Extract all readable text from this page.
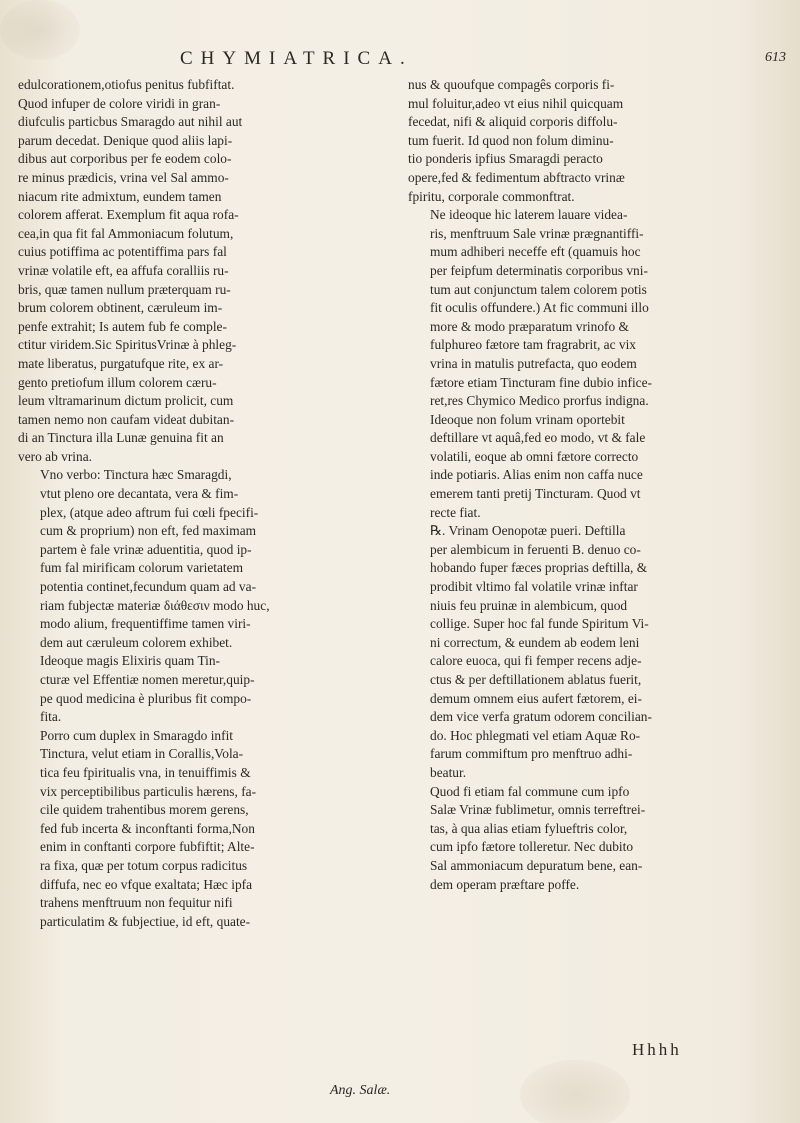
CHYMIATRICA.	613

edulcorationem,otiofus penitus fubfiftat.
Quod infuper de colore viridi in gran-
diufculis particbus Smaragdo aut nihil aut
parum decedat. Denique quod aliis lapi-
dibus aut corporibus per fe eodem colo-
re minus prædicis, vrina vel Sal ammo-
niacum rite admixtum, eundem tamen
colorem afferat. Exemplum fit aqua rofa-
cea,in qua fit fal Ammoniacum folutum,
cuius potiffima ac potentiffima pars fal
vrinæ volatile eft, ea affufa coralliis ru-
bris, quæ tamen nullum præterquam ru-
brum colorem obtinent, cæruleum im-
penfe extrahit; Is autem fub fe comple-
ctitur viridem.Sic SpiritusVrinæ à phleg-
mate liberatus, purgatufque rite, ex ar-
gento pretiofum illum colorem cæru-
leum vltramarinum dictum prolicit, cum
tamen nemo non caufam videat dubitan-
di an Tinctura illa Lunæ genuina fit an
vero ab vrina.

Vno verbo: Tinctura hæc Smaragdi,
vtut pleno ore decantata, vera & fim-
plex, (atque adeo aftrum fui cœli fpecifi-
cum & proprium) non eft, fed maximam
partem è fale vrinæ aduentitia, quod ip-
fum fal mirificam colorum varietatem
potentia continet,fecundum quam ad va-
riam fubjectæ materiæ διάθεσιν modo huc,
modo alium, frequentiffime tamen viri-
dem aut cæruleum colorem exhibet.

Ideoque magis Elixiris quam Tin-
cturæ vel Effentiæ nomen meretur,quip-
pe quod medicina è pluribus fit compo-
fita.

Porro cum duplex in Smaragdo infit
Tinctura, velut etiam in Corallis,Vola-
tica feu fpiritualis vna, in tenuiffimis &
vix perceptibilibus particulis hærens, fa-
cile quidem trahentibus morem gerens,
fed fub incerta & inconftanti forma,Non
enim in conftanti corpore fubfiftit; Alte-
ra fixa, quæ per totum corpus radicitus
diffufa, nec eo vfque exaltata; Hæc ipfa
trahens menftruum non fequitur nifi
particulatim & fubjectiue, id eft, quate-

nus & quoufque compagês corporis fi-
mul foluitur,adeo vt eius nihil quicquam
fecedat, nifi & aliquid corporis diffolu-
tum fuerit. Id quod non folum diminu-
tio ponderis ipfius Smaragdi peracto
opere,fed & fedimentum abftracto vrinæ
fpiritu, corporale commonftrat.

Ne ideoque hic laterem lauare videa-
ris, menftruum Sale vrinæ prægnantiffi-
mum adhiberi neceffe eft (quamuis hoc
per feipfum determinatis corporibus vni-
tum aut conjunctum talem colorem potis
fit oculis offundere.) At fic communi illo
more & modo præparatum vrinofo &
fulphureo fætore tam fragrabrit, ac vix
vrina in matulis putrefacta, quo eodem
fætore etiam Tincturam fine dubio infice-
ret,res Chymico Medico prorfus indigna.

Ideoque non folum vrinam oportebit
deftillare vt aquâ,fed eo modo, vt & fale
volatili, eoque ab omni fætore correcto
inde potiaris. Alias enim non caffa nuce
emerem tanti pretij Tincturam. Quod vt
recte fiat.

℞. Vrinam Oenopotæ pueri. Deftilla
per alembicum in feruenti B. denuo co-
hobando fuper fæces proprias deftilla, &
prodibit vltimo fal volatile vrinæ inftar
niuis feu pruinæ in alembicum, quod
collige. Super hoc fal funde Spiritum Vi-
ni correctum, & eundem ab eodem leni
calore euoca, qui fi femper recens adje-
ctus & per deftillationem ablatus fuerit,
demum omnem eius aufert fætorem, ei-
dem vice verfa gratum odorem concilian-
do. Hoc phlegmati vel etiam Aquæ Ro-
farum commiftum pro menftruo adhi-
beatur.

Quod fi etiam fal commune cum ipfo
Salæ Vrinæ fublimetur, omnis terreftrei-
tas, à qua alias etiam fylueftris color,
cum ipfo fætore tolleretur. Nec dubito
Sal ammoniacum depuratum bene, ean-
dem operam præftare poffe.

Hhhh
Ang. Salæ.
